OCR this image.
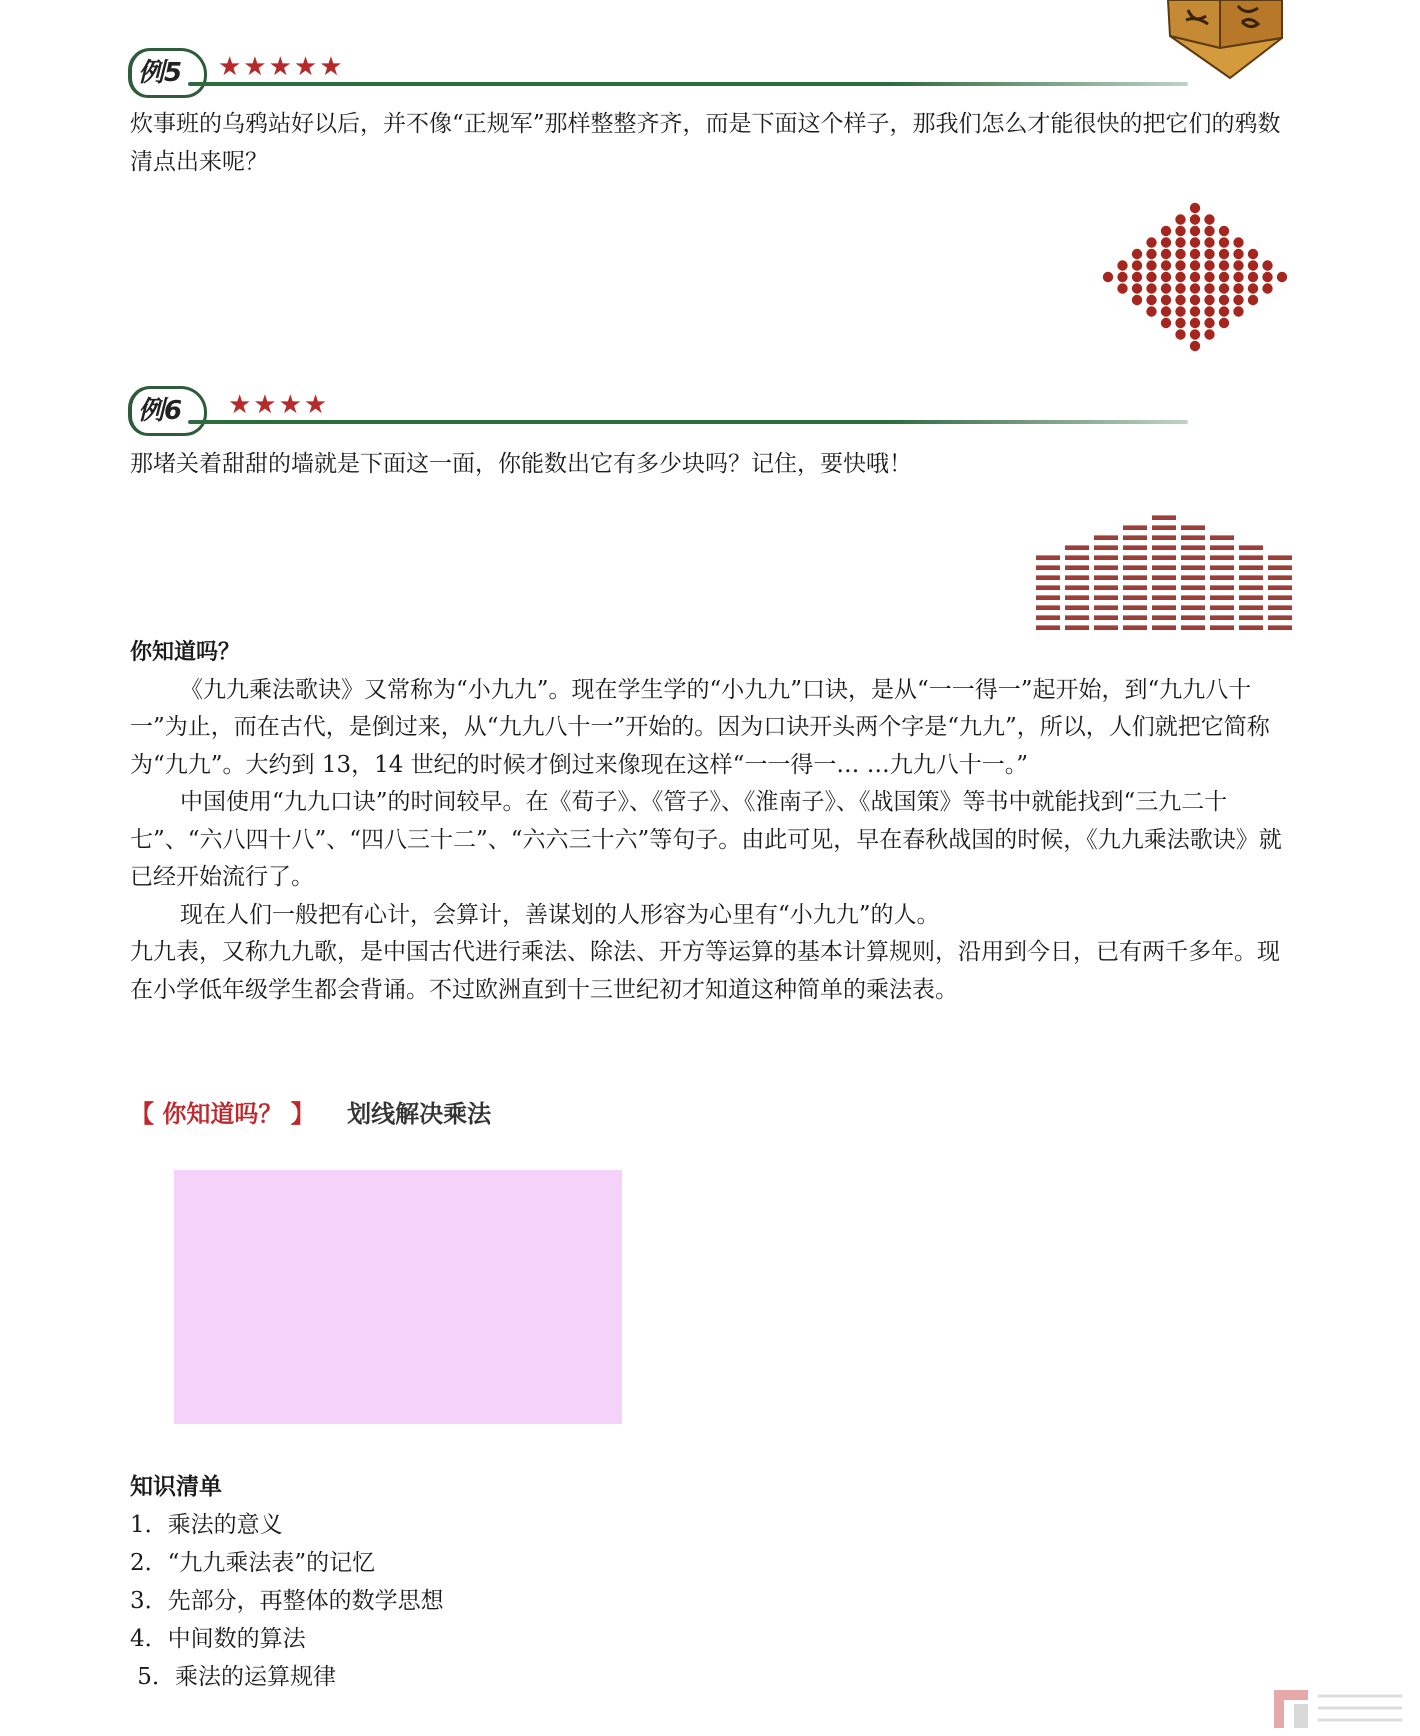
例5 ★★★★★

炊事班的乌鸦站好以后，并不像“正规军”那样整整齐齐，而是下面这个样子，那我们怎么才能很快的把它们的鸦数清点出来呢？

例6 ★★★★

那堵关着甜甜的墙就是下面这一面，你能数出它有多少块吗？记住，要快哦！

你知道吗？

《九九乘法歌诀》又常称为“小九九”。现在学生学的“小九九”口诀，是从“一一得一”起开始，到“九九八十一”为止，而在古代，是倒过来，从“九九八十一”开始的。因为口诀开头两个字是“九九”，所以，人们就把它简称为“九九”。大约到 13，14 世纪的时候才倒过来像现在这样“一一得一… …九九八十一。”

中国使用“九九口诀”的时间较早。在《荀子》、《管子》、《淮南子》、《战国策》等书中就能找到“三九二十七”、“六八四十八”、“四八三十二”、“六六三十六”等句子。由此可见，早在春秋战国的时候，《九九乘法歌诀》就已经开始流行了。

现在人们一般把有心计，会算计，善谋划的人形容为心里有“小九九”的人。

九九表，又称九九歌，是中国古代进行乘法、除法、开方等运算的基本计算规则，沿用到今日，已有两千多年。现在小学低年级学生都会背诵。不过欧洲直到十三世纪初才知道这种简单的乘法表。

【 你知道吗？ 】 划线解决乘法
知识清单
1．乘法的意义
2．“九九乘法表”的记忆
3．先部分，再整体的数学思想
4．中间数的算法
5．乘法的运算规律
